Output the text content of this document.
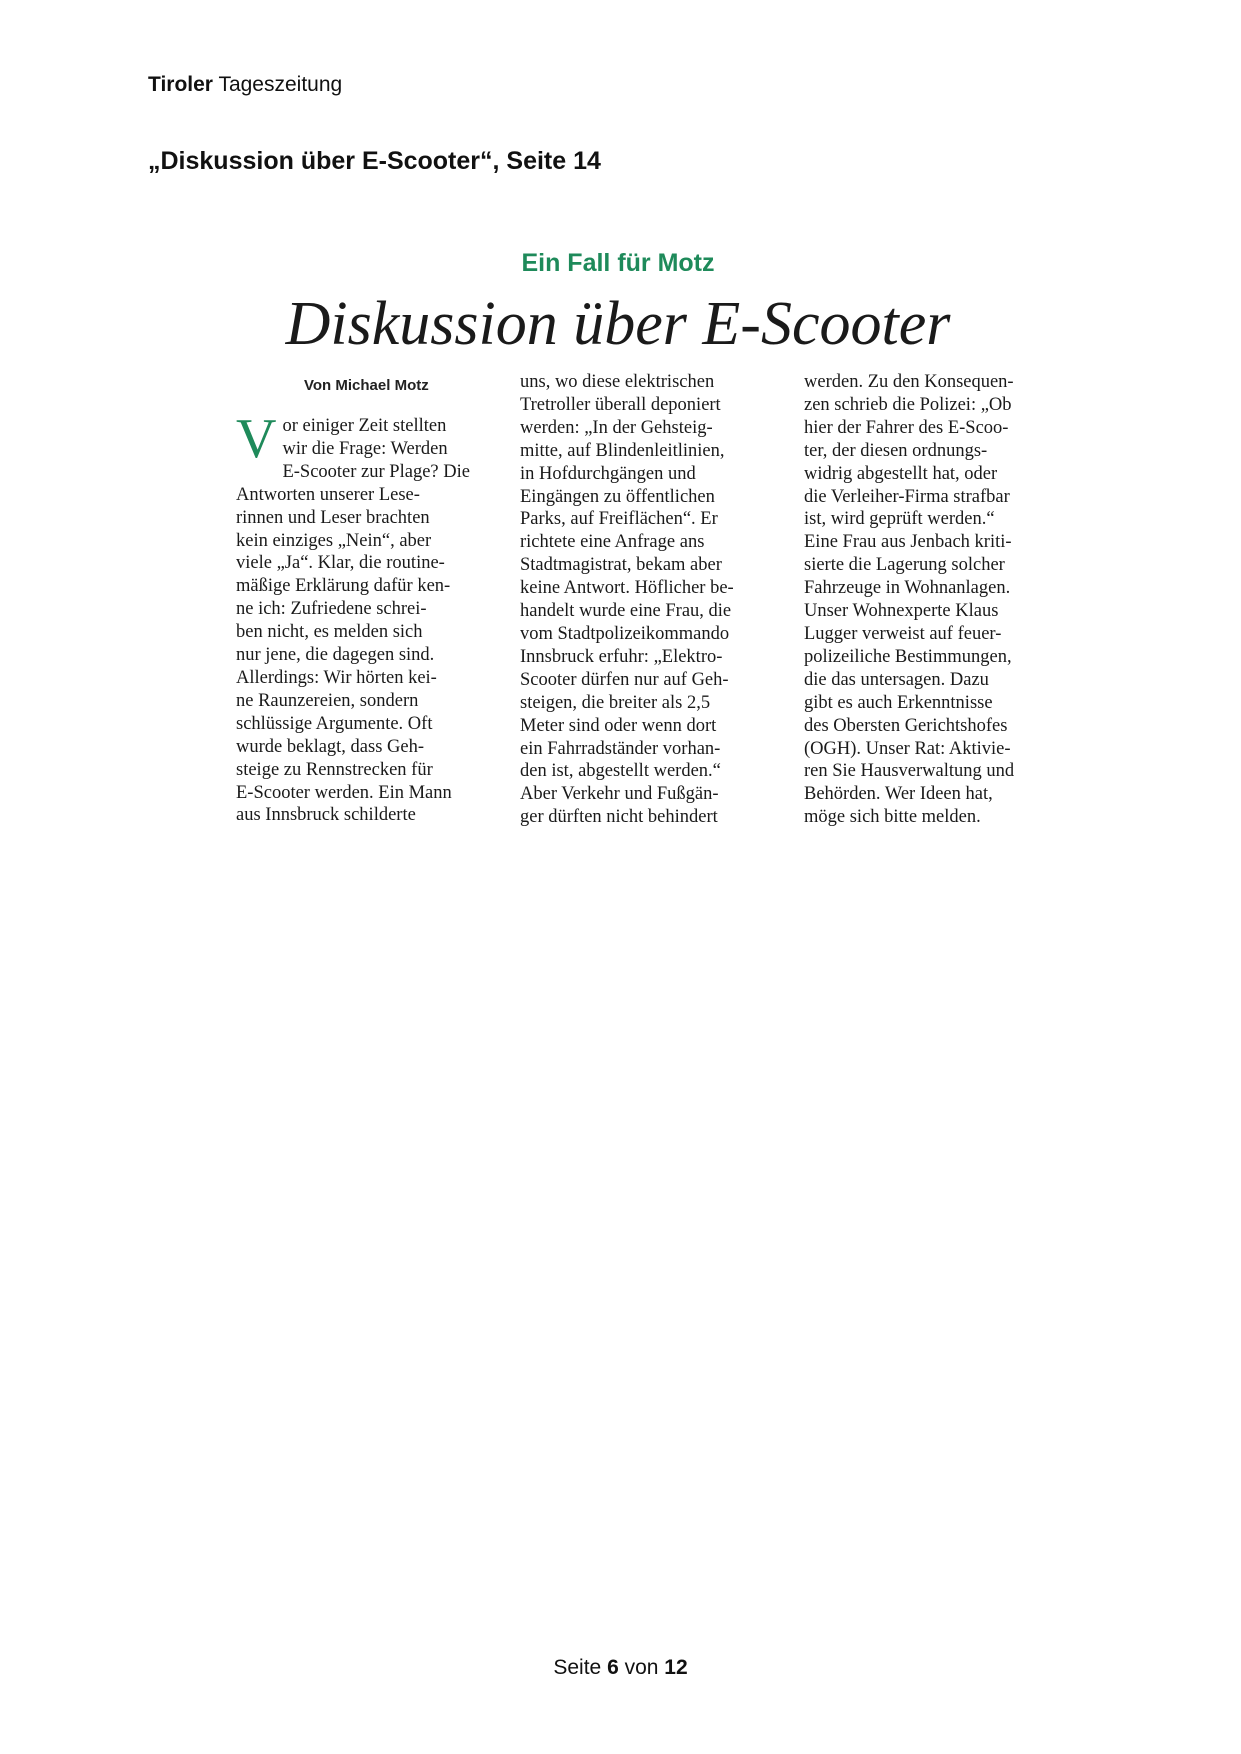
Tiroler Tageszeitung
„Diskussion über E-Scooter“, Seite 14
Ein Fall für Motz
Diskussion über E-Scooter
Von Michael Motz
V or einiger Zeit stellten
wir die Frage: Werden
E-Scooter zur Plage? Die
Antworten unserer Lese-
rinnen und Leser brachten
kein einziges „Nein“, aber
viele „Ja“. Klar, die routine-
mäßige Erklärung dafür ken-
ne ich: Zufriedene schrei-
ben nicht, es melden sich
nur jene, die dagegen sind.
Allerdings: Wir hörten kei-
ne Raunzereien, sondern
schlüssige Argumente. Oft
wurde beklagt, dass Geh-
steige zu Rennstrecken für
E-Scooter werden. Ein Mann
aus Innsbruck schilderte
uns, wo diese elektrischen
Tretroller überall deponiert
werden: „In der Gehsteig-
mitte, auf Blindenleitlinien,
in Hofdurchgängen und
Eingängen zu öffentlichen
Parks, auf Freiflächen“. Er
richtete eine Anfrage ans
Stadtmagistrat, bekam aber
keine Antwort. Höflicher be-
handelt wurde eine Frau, die
vom Stadtpolizeikommando
Innsbruck erfuhr: „Elektro-
Scooter dürfen nur auf Geh-
steigen, die breiter als 2,5
Meter sind oder wenn dort
ein Fahrradständer vorhan-
den ist, abgestellt werden.“
Aber Verkehr und Fußgän-
ger dürften nicht behindert
werden. Zu den Konsequen-
zen schrieb die Polizei: „Ob
hier der Fahrer des E-Scoo-
ter, der diesen ordnungs-
widrig abgestellt hat, oder
die Verleiher-Firma strafbar
ist, wird geprüft werden.“
Eine Frau aus Jenbach kriti-
sierte die Lagerung solcher
Fahrzeuge in Wohnanlagen.
Unser Wohnexperte Klaus
Lugger verweist auf feuer-
polizeiliche Bestimmungen,
die das untersagen. Dazu
gibt es auch Erkenntnisse
des Obersten Gerichtshofes
(OGH). Unser Rat: Aktivie-
ren Sie Hausverwaltung und
Behörden. Wer Ideen hat,
möge sich bitte melden.
Seite 6 von 12
